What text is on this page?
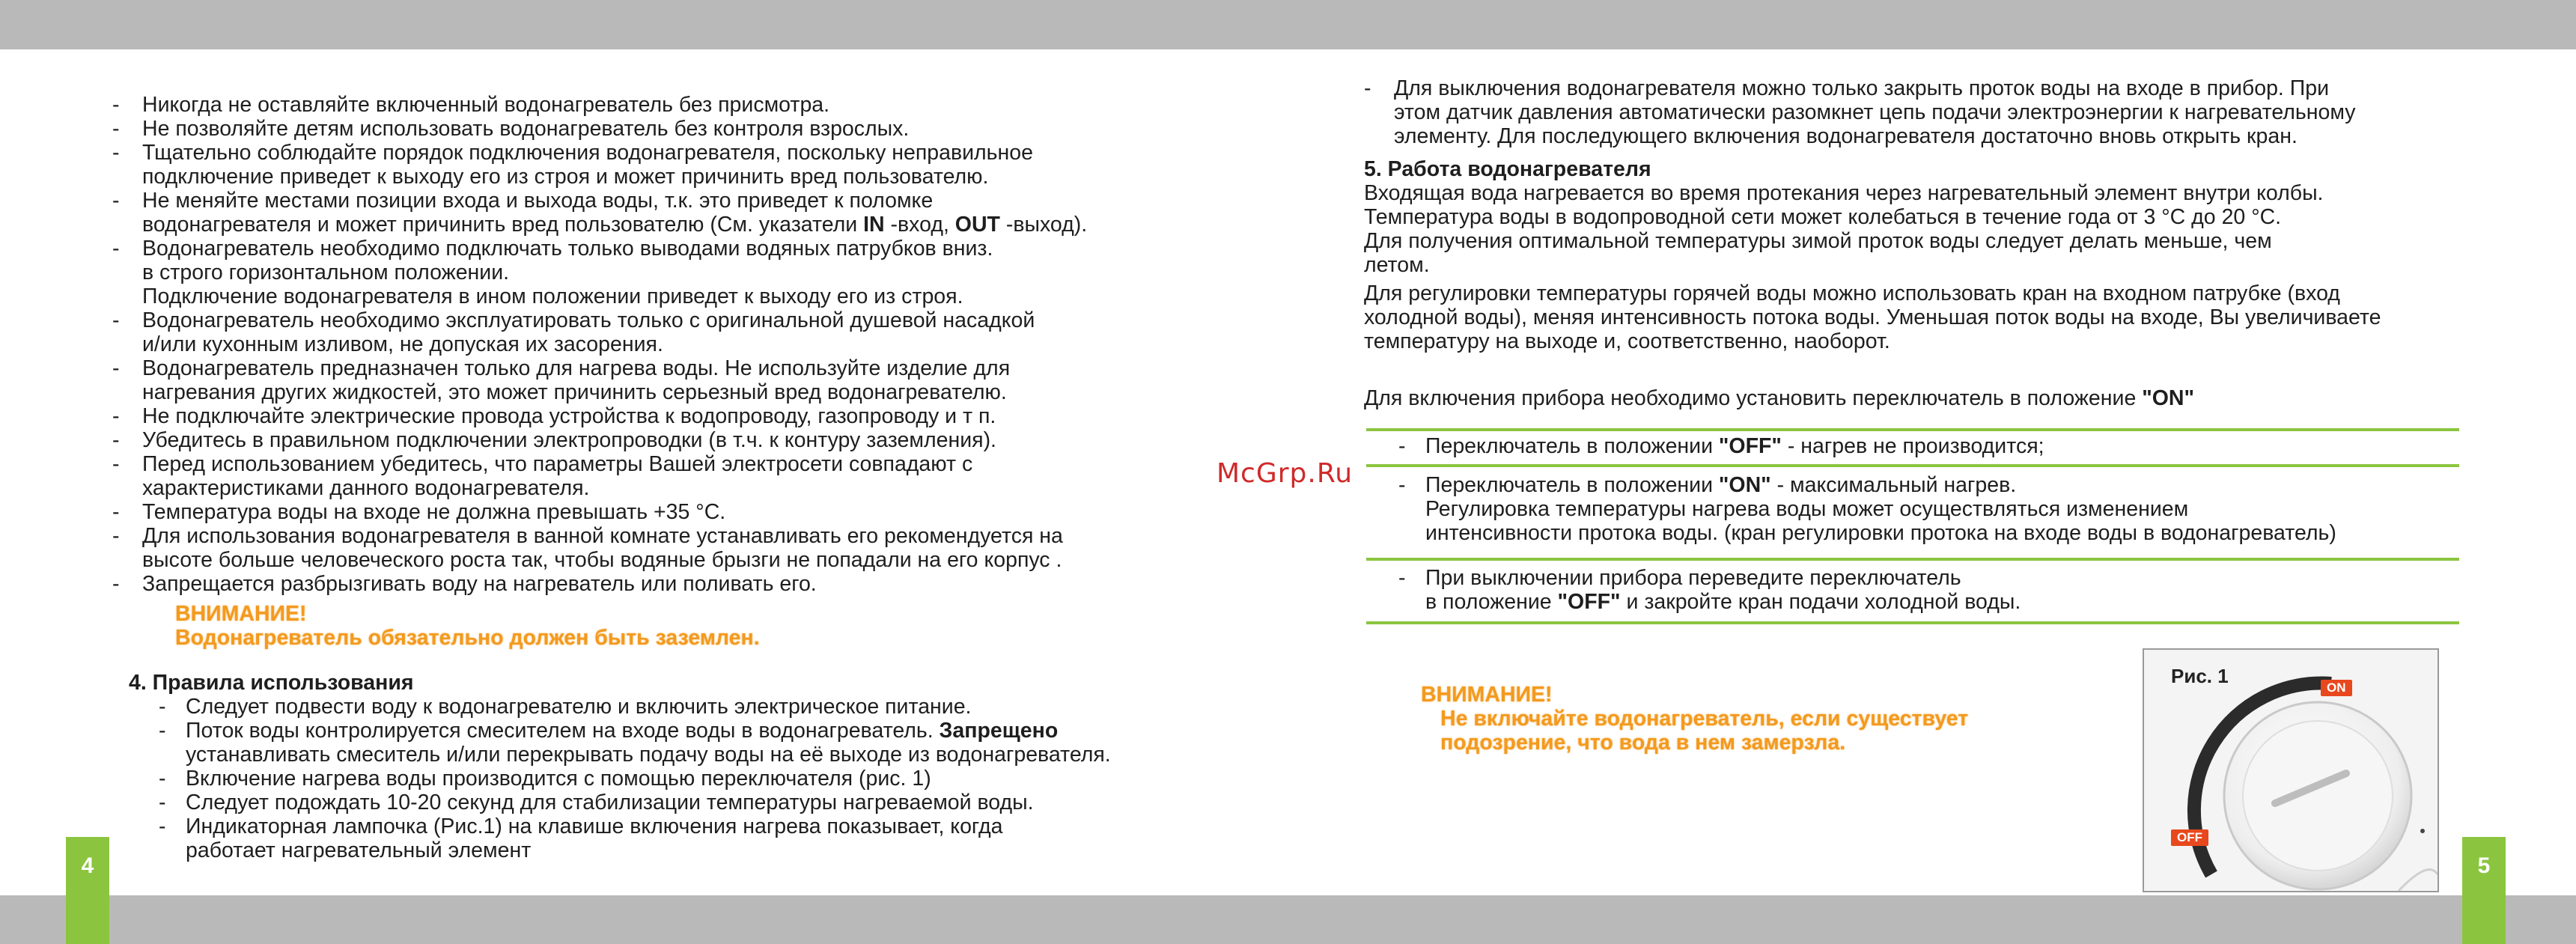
4	5
- Никогда не оставляйте включенный водонагреватель без присмотра.
- Не позволяйте детям использовать водонагреватель без контроля взрослых.
- Тщательно соблюдайте порядок подключения водонагревателя, поскольку неправильное
подключение приведет к выходу его из строя и может причинить вред пользователю.
- Не меняйте местами позиции входа и выхода воды, т.к. это приведет к поломке
водонагревателя и может причинить вред пользователю (См. указатели IN -вход, OUT -выход).
- Водонагреватель необходимо подключать только выводами водяных патрубков вниз.
в строго горизонтальном положении.
Подключение водонагревателя в ином положении приведет к выходу его из строя.
- Водонагреватель необходимо эксплуатировать только с оригинальной душевой насадкой
и/или кухонным изливом, не допуская их засорения.
- Водонагреватель предназначен только для нагрева воды. Не используйте изделие для
нагревания других жидкостей, это может причинить серьезный вред водонагревателю.
- Не подключайте электрические провода устройства к водопроводу, газопроводу и т п.
- Убедитесь в правильном подключении электропроводки (в т.ч. к контуру заземления).
- Перед использованием убедитесь, что параметры Вашей электросети совпадают с
характеристиками данного водонагревателя.
- Температура воды на входе не должна превышать +35 °С.
- Для использования водонагревателя в ванной комнате устанавливать его рекомендуется на
высоте больше человеческого роста так, чтобы водяные брызги не попадали на его корпус .
- Запрещается разбрызгивать воду на нагреватель или поливать его.
ВНИМАНИЕ!
Водонагреватель обязательно должен быть заземлен.
4. Правила использования
- Следует подвести воду к водонагревателю и включить электрическое питание.
- Поток воды контролируется смесителем на входе воды в водонагреватель. Запрещено
устанавливать смеситель и/или перекрывать подачу воды на её выходе из водонагревателя.
- Включение нагрева воды производится с помощью переключателя (рис. 1)
- Следует подождать 10-20 секунд для стабилизации температуры нагреваемой воды.
- Индикаторная лампочка (Рис.1) на клавише включения нагрева показывает, когда
работает нагревательный элемент
- Для выключения водонагревателя можно только закрыть проток воды на входе в прибор. При
этом датчик давления автоматически разомкнет цепь подачи электроэнергии к нагревательному
элементу. Для последующего включения водонагревателя достаточно вновь открыть кран.
5. Работа водонагревателя
Входящая вода нагревается во время протекания через нагревательный элемент внутри колбы.
Температура воды в водопроводной сети может колебаться в течение года от 3 °С до 20 °С.
Для получения оптимальной температуры зимой проток воды следует делать меньше, чем
летом.
Для регулировки температуры горячей воды можно использовать кран на входном патрубке (вход
холодной воды), меняя интенсивность потока воды. Уменьшая поток воды на входе, Вы увеличиваете
температуру на выходе и, соответственно, наоборот.
Для включения прибора необходимо установить переключатель в положение "ON"
- Переключатель в положении "OFF" - нагрев не производится;
- Переключатель в положении "ON" - максимальный нагрев.
Регулировка температуры нагрева воды может осуществляться изменением
интенсивности протока воды. (кран регулировки протока на входе воды в водонагреватель)
- При выключении прибора переведите переключатель
в положение "OFF" и закройте кран подачи холодной воды.
ВНИМАНИЕ!
Не включайте водонагреватель, если существует
подозрение, что вода в нем замерзла.
McGrp.Ru
Рис. 1
ON
OFF
